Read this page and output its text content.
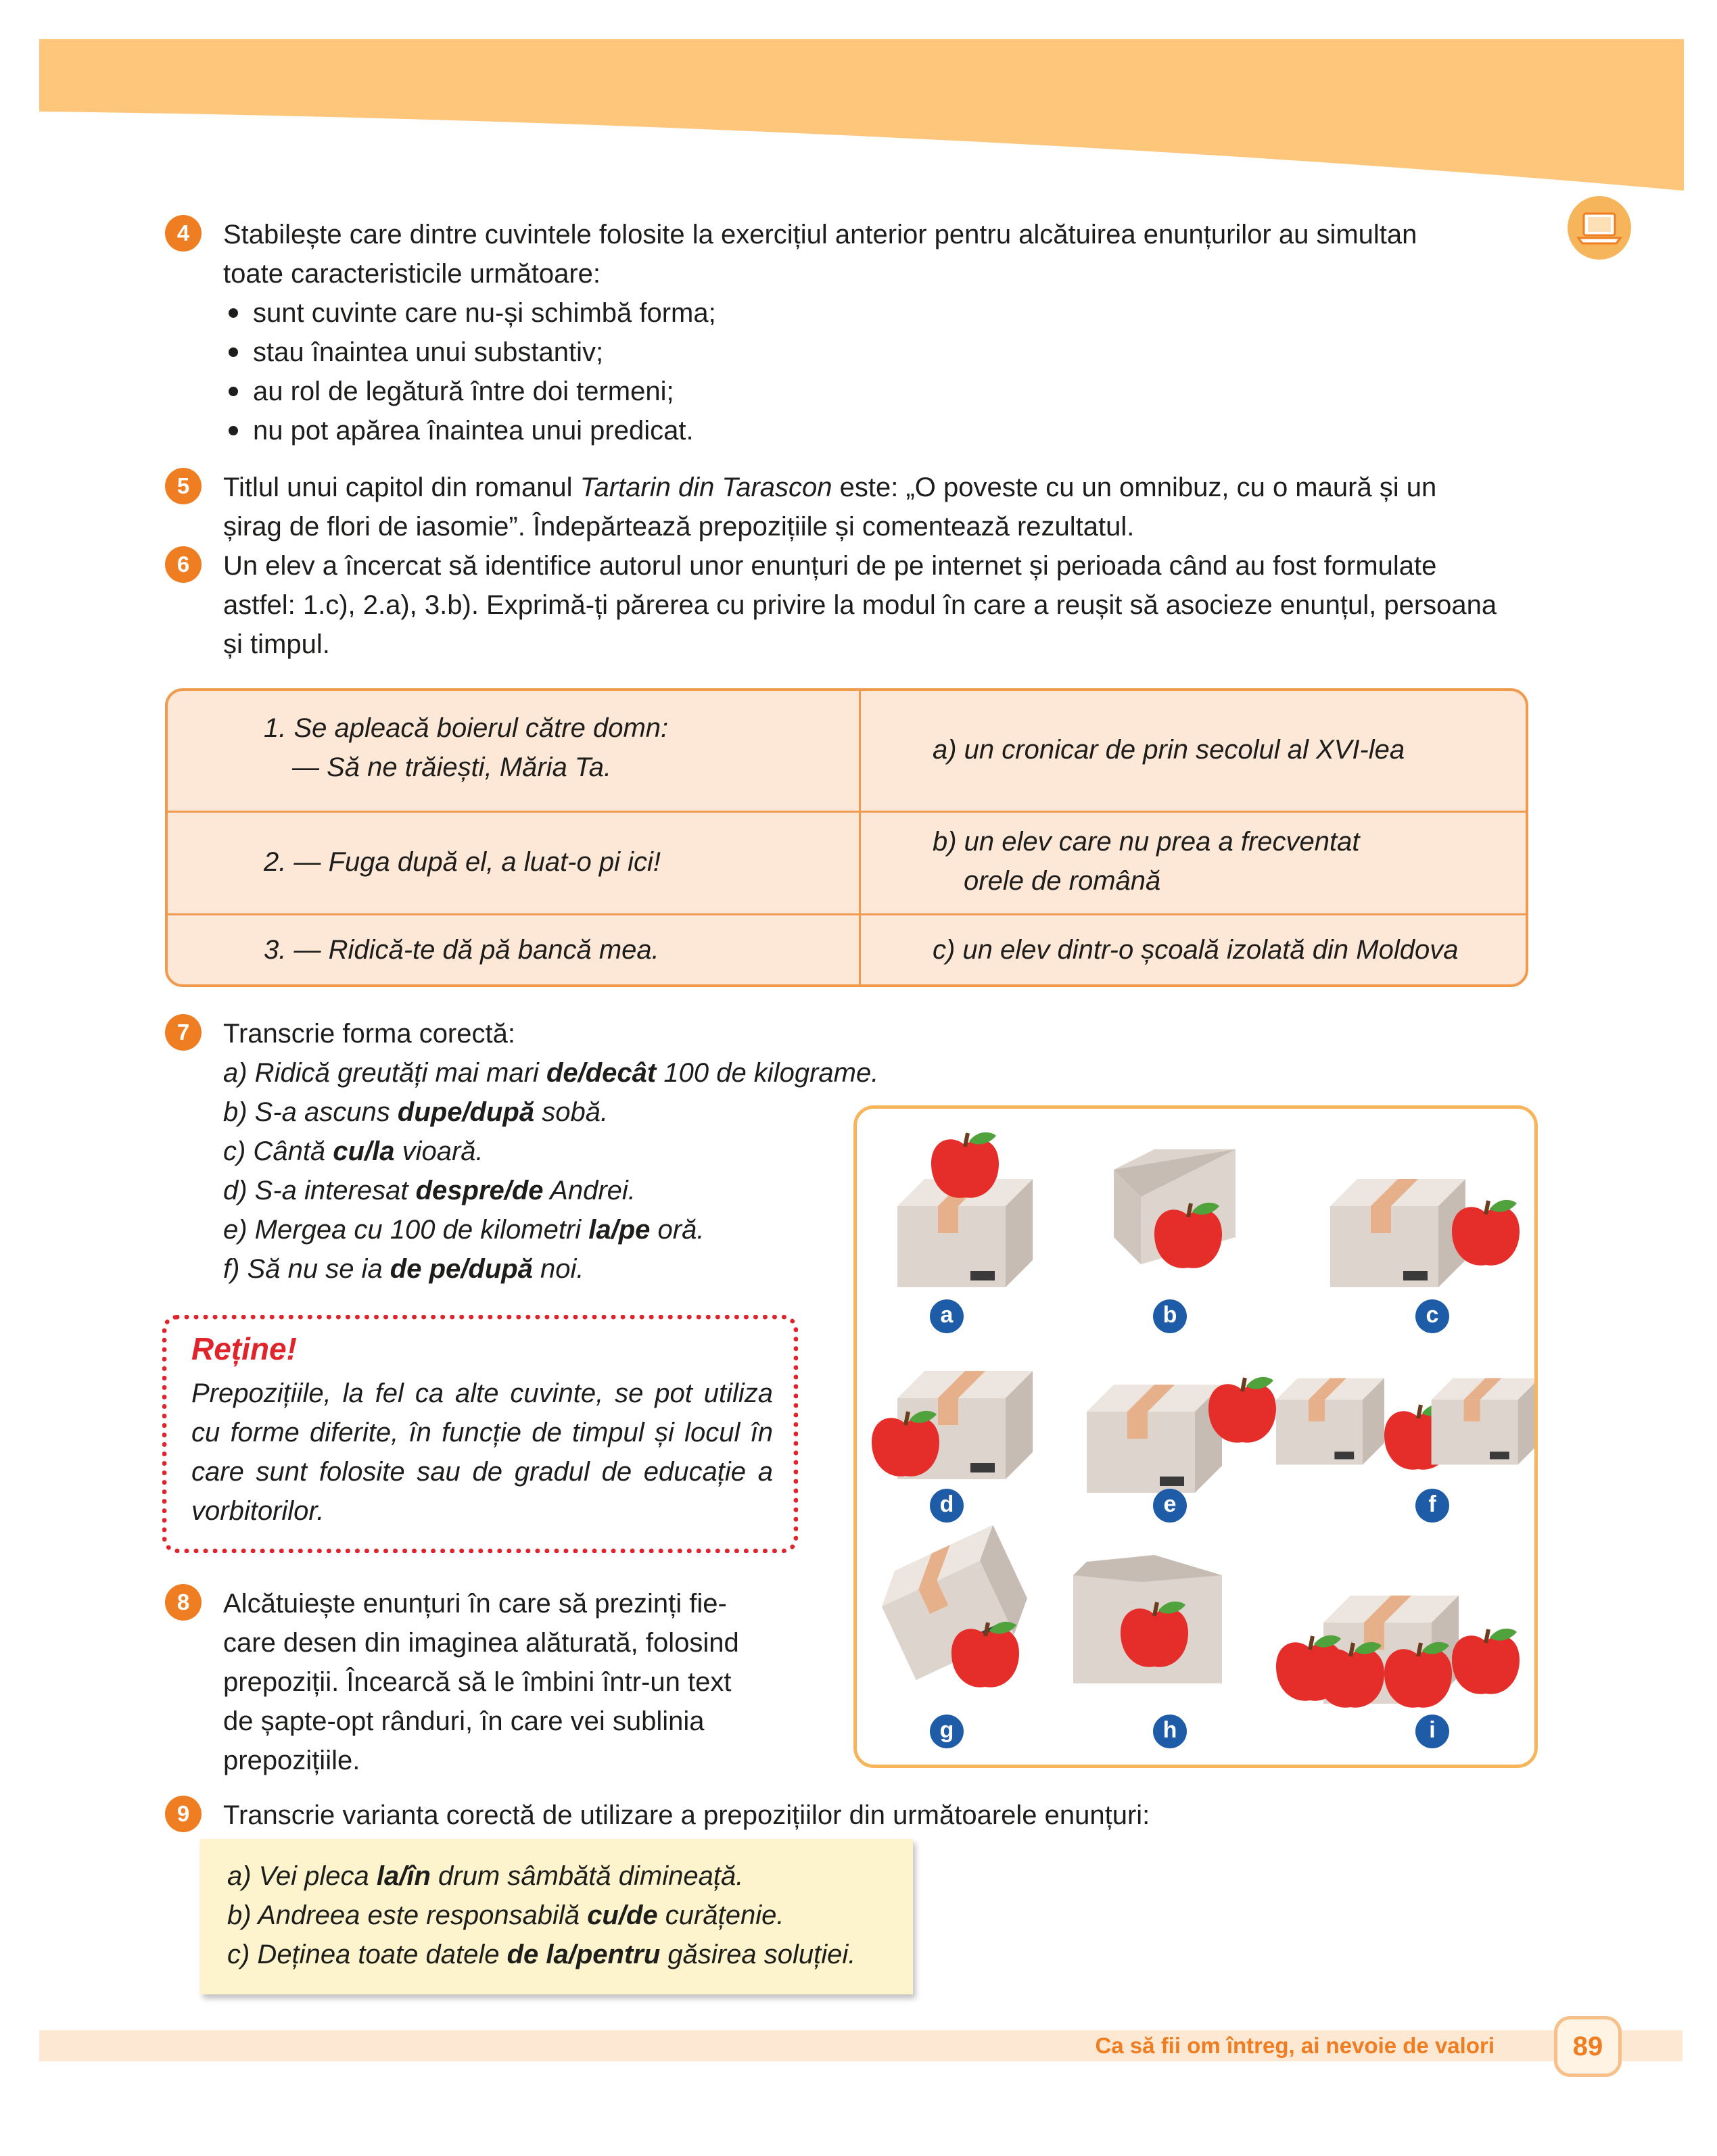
4	Stabilește care dintre cuvintele folosite la exercițiul anterior pentru alcătuirea enunțurilor au simultan

toate caracteristicile următoare:

sunt cuvinte care nu-și schimbă forma;
stau înaintea unui substantiv;
au rol de legătură între doi termeni;
nu pot apărea înaintea unui predicat.
5	Titlul unui capitol din romanul Tartarin din Tarascon este: „O poveste cu un omnibuz, cu o maură și un

șirag de flori de iasomie”. Îndepărtează prepozițiile și comentează rezultatul.

6	Un elev a încercat să identifice autorul unor enunțuri de pe internet și perioada când au fost formulate

astfel: 1.c), 2.a), 3.b). Exprimă-ți părerea cu privire la modul în care a reușit să asocieze enunțul, persoana

și timpul.

1. Se apleacă boierul către domn:
— Să ne trăiești, Măria Ta.
a) un cronicar de prin secolul al XVI-lea
2. — Fuga după el, a luat-o pi ici!
b) un elev care nu prea a frecventat
orele de română
3. — Ridică-te dă pă bancă mea.	c) un elev dintr-o școală izolată din Moldova
7	Transcrie forma corectă:

a) Ridică greutăți mai mari de/decât 100 de kilograme.

b) S-a ascuns dupe/după sobă.

c) Cântă cu/la vioară.

d) S-a interesat despre/de Andrei.

e) Mergea cu 100 de kilometri la/pe oră.

f) Să nu se ia de pe/după noi.

Reține!
Prepozițiile, la fel ca alte cuvinte, se pot utiliza cu forme diferite, în funcție de timpul și locul în care sunt folosite sau de gradul de educație a vorbitorilor.
8	Alcătuiește enunțuri în care să prezinți fie-

care desen din imaginea alăturată, folosind

prepoziții. Încearcă să le îmbini într-un text

de șapte-opt rânduri, în care vei sublinia

prepozițiile.

a	b	c
d	e	f
g	h	i
9	Transcrie varianta corectă de utilizare a prepozițiilor din următoarele enunțuri:

a) Vei pleca la/în drum sâmbătă dimineață.

b) Andreea este responsabilă cu/de curățenie.

c) Deținea toate datele de la/pentru găsirea soluției.

Ca să fii om întreg, ai nevoie de valori	89
